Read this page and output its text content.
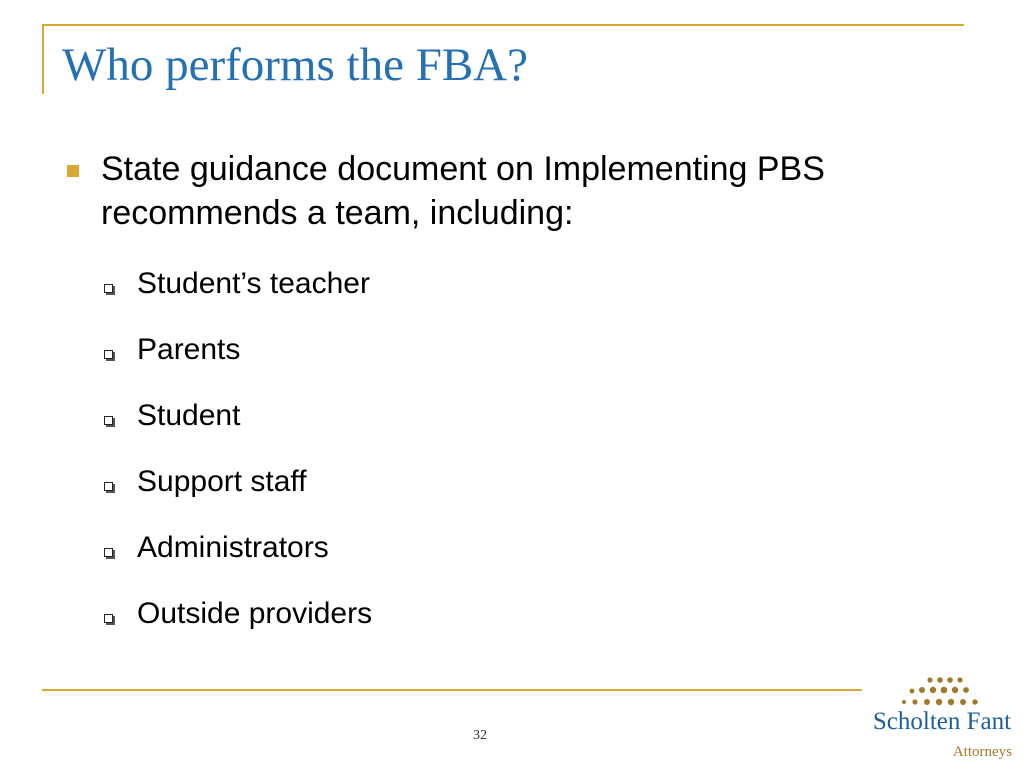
Who performs the FBA?
State guidance document on Implementing PBS recommends a team, including:
Student’s teacher
Parents
Student
Support staff
Administrators
Outside providers
32
Scholten Fant
Attorneys
